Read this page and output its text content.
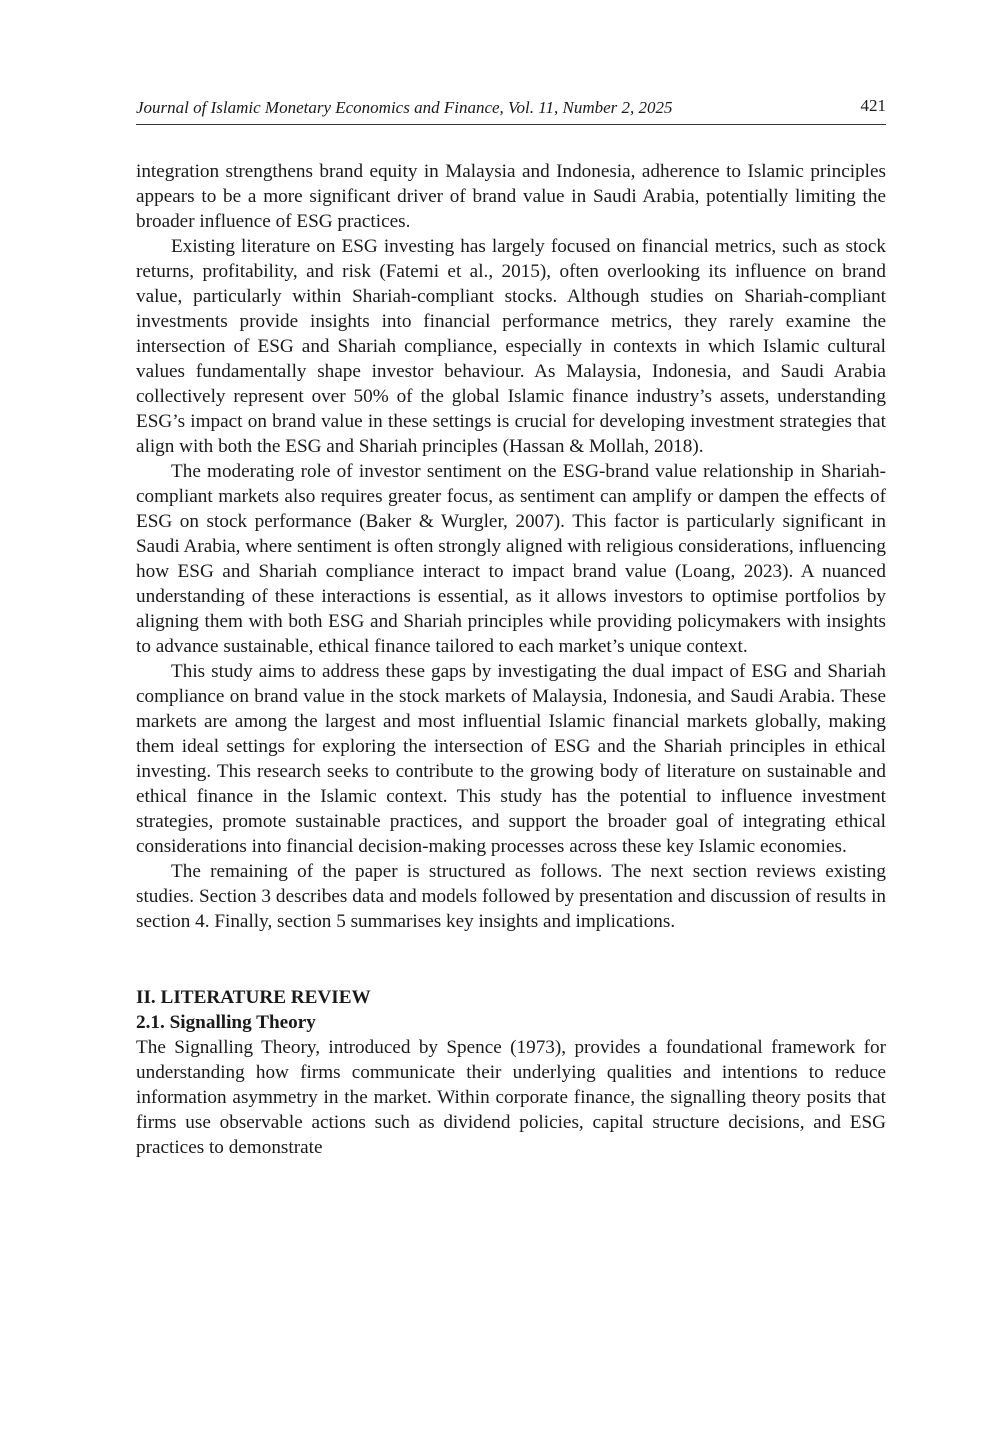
Journal of Islamic Monetary Economics and Finance, Vol. 11, Number 2, 2025	421

integration strengthens brand equity in Malaysia and Indonesia, adherence to Islamic principles appears to be a more significant driver of brand value in Saudi Arabia, potentially limiting the broader influence of ESG practices.

Existing literature on ESG investing has largely focused on financial metrics, such as stock returns, profitability, and risk (Fatemi et al., 2015), often overlooking its influence on brand value, particularly within Shariah-compliant stocks. Although studies on Shariah-compliant investments provide insights into financial performance metrics, they rarely examine the intersection of ESG and Shariah compliance, especially in contexts in which Islamic cultural values fundamentally shape investor behaviour. As Malaysia, Indonesia, and Saudi Arabia collectively represent over 50% of the global Islamic finance industry’s assets, understanding ESG’s impact on brand value in these settings is crucial for developing investment strategies that align with both the ESG and Shariah principles (Hassan & Mollah, 2018).

The moderating role of investor sentiment on the ESG-brand value relationship in Shariah-compliant markets also requires greater focus, as sentiment can amplify or dampen the effects of ESG on stock performance (Baker & Wurgler, 2007). This factor is particularly significant in Saudi Arabia, where sentiment is often strongly aligned with religious considerations, influencing how ESG and Shariah compliance interact to impact brand value (Loang, 2023). A nuanced understanding of these interactions is essential, as it allows investors to optimise portfolios by aligning them with both ESG and Shariah principles while providing policymakers with insights to advance sustainable, ethical finance tailored to each market’s unique context.

This study aims to address these gaps by investigating the dual impact of ESG and Shariah compliance on brand value in the stock markets of Malaysia, Indonesia, and Saudi Arabia. These markets are among the largest and most influential Islamic financial markets globally, making them ideal settings for exploring the intersection of ESG and the Shariah principles in ethical investing. This research seeks to contribute to the growing body of literature on sustainable and ethical finance in the Islamic context. This study has the potential to influence investment strategies, promote sustainable practices, and support the broader goal of integrating ethical considerations into financial decision-making processes across these key Islamic economies.

The remaining of the paper is structured as follows. The next section reviews existing studies. Section 3 describes data and models followed by presentation and discussion of results in section 4. Finally, section 5 summarises key insights and implications.

II. LITERATURE REVIEW
2.1. Signalling Theory

The Signalling Theory, introduced by Spence (1973), provides a foundational framework for understanding how firms communicate their underlying qualities and intentions to reduce information asymmetry in the market. Within corporate finance, the signalling theory posits that firms use observable actions such as dividend policies, capital structure decisions, and ESG practices to demonstrate
